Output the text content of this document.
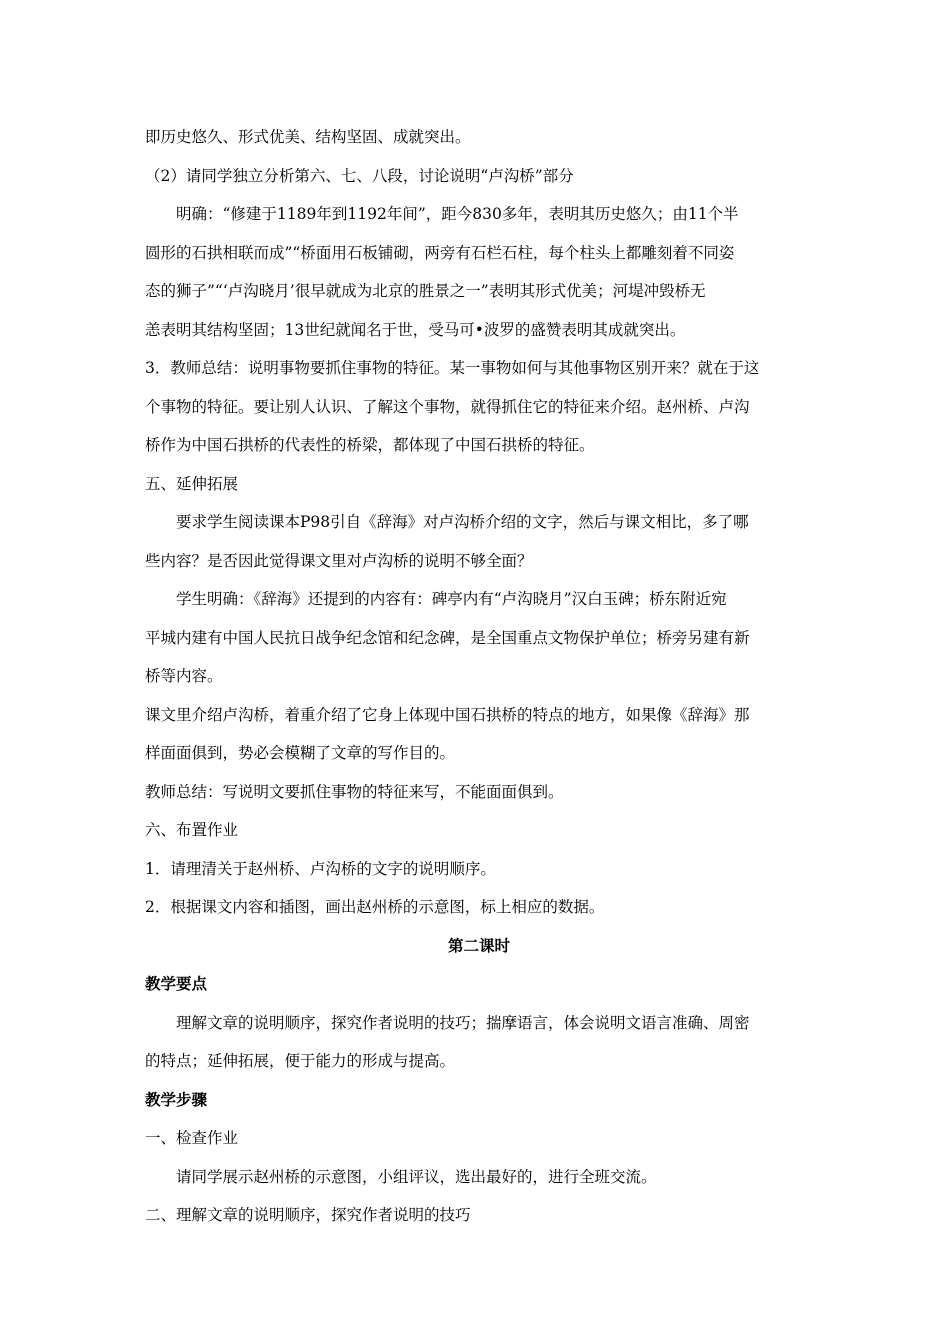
即历史悠久、形式优美、结构坚固、成就突出。

（2）请同学独立分析第六、七、八段，讨论说明“卢沟桥”部分

明确：“修建于1189年到1192年间”，距今830多年，表明其历史悠久；由11个半

圆形的石拱相联而成”“桥面用石板铺砌，两旁有石栏石柱，每个柱头上都雕刻着不同姿

态的狮子”“‘卢沟晓月’很早就成为北京的胜景之一”表明其形式优美；河堤冲毁桥无

恙表明其结构坚固；13世纪就闻名于世，受马可•波罗的盛赞表明其成就突出。

3．教师总结：说明事物要抓住事物的特征。某一事物如何与其他事物区别开来？就在于这

个事物的特征。要让别人认识、了解这个事物，就得抓住它的特征来介绍。赵州桥、卢沟

桥作为中国石拱桥的代表性的桥梁，都体现了中国石拱桥的特征。

五、延伸拓展

要求学生阅读课本P98引自《辞海》对卢沟桥介绍的文字，然后与课文相比，多了哪

些内容？是否因此觉得课文里对卢沟桥的说明不够全面？

学生明确：《辞海》还提到的内容有：碑亭内有“卢沟晓月”汉白玉碑；桥东附近宛

平城内建有中国人民抗日战争纪念馆和纪念碑，是全国重点文物保护单位；桥旁另建有新

桥等内容。

课文里介绍卢沟桥，着重介绍了它身上体现中国石拱桥的特点的地方，如果像《辞海》那

样面面俱到，势必会模糊了文章的写作目的。

教师总结：写说明文要抓住事物的特征来写，不能面面俱到。

六、布置作业

1．请理清关于赵州桥、卢沟桥的文字的说明顺序。

2．根据课文内容和插图，画出赵州桥的示意图，标上相应的数据。

第二课时

教学要点

理解文章的说明顺序，探究作者说明的技巧；揣摩语言，体会说明文语言准确、周密

的特点；延伸拓展，便于能力的形成与提高。

教学步骤

一、检查作业

请同学展示赵州桥的示意图，小组评议，选出最好的，进行全班交流。

二、理解文章的说明顺序，探究作者说明的技巧
